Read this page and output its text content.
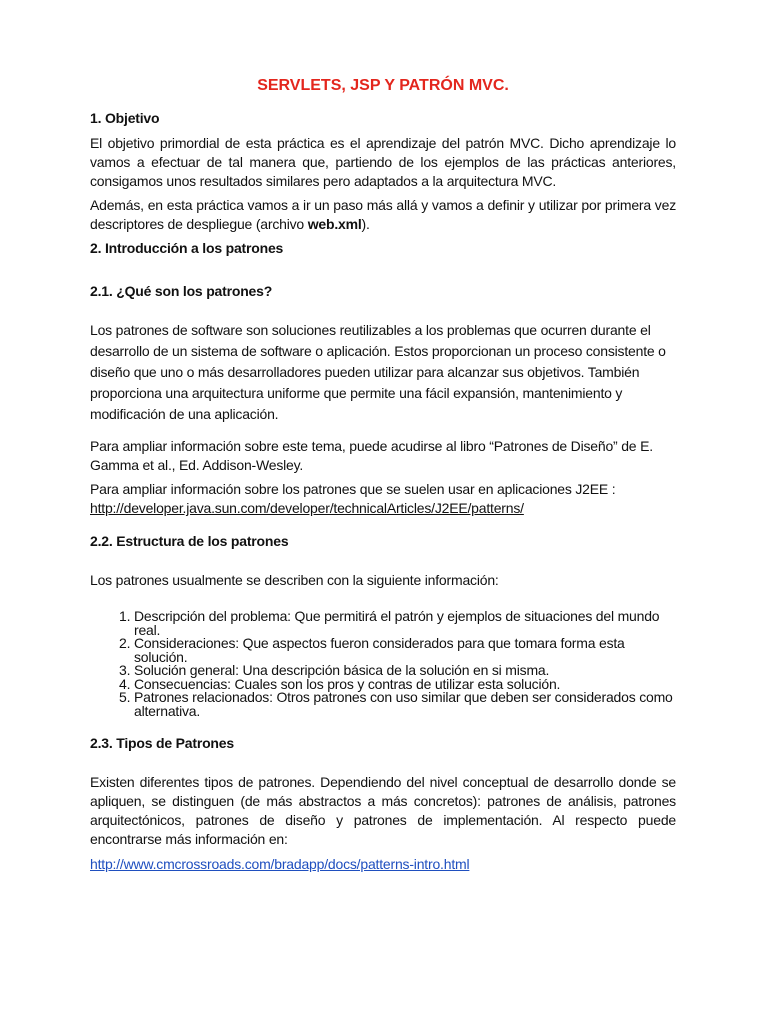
SERVLETS, JSP Y PATRÓN MVC.
1. Objetivo

El objetivo primordial de esta práctica es el aprendizaje del patrón MVC. Dicho aprendizaje lo vamos a efectuar de tal manera que, partiendo de los ejemplos de las prácticas anteriores, consigamos unos resultados similares pero adaptados a la arquitectura MVC.

Además, en esta práctica vamos a ir un paso más allá y vamos a definir y utilizar por primera vez descriptores de despliegue (archivo web.xml).

2. Introducción a los patrones
2.1. ¿Qué son los patrones?

Los patrones de software son soluciones reutilizables a los problemas que ocurren durante el desarrollo de un sistema de software o aplicación. Estos proporcionan un proceso consistente o diseño que uno o más desarrolladores pueden utilizar para alcanzar sus objetivos. También proporciona una arquitectura uniforme que permite una fácil expansión, mantenimiento y modificación de una aplicación.

Para ampliar información sobre este tema, puede acudirse al libro “Patrones de Diseño” de E. Gamma et al., Ed. Addison-Wesley.

Para ampliar información sobre los patrones que se suelen usar en aplicaciones J2EE :

http://developer.java.sun.com/developer/technicalArticles/J2EE/patterns/

2.2. Estructura de los patrones

Los patrones usualmente se describen con la siguiente información:

1. Descripción del problema: Que permitirá el patrón y ejemplos de situaciones del mundo real.
2. Consideraciones: Que aspectos fueron considerados para que tomara forma esta solución.
3. Solución general: Una descripción básica de la solución en si misma.
4. Consecuencias: Cuales son los pros y contras de utilizar esta solución.
5. Patrones relacionados: Otros patrones con uso similar que deben ser considerados como alternativa.
2.3. Tipos de Patrones

Existen diferentes tipos de patrones. Dependiendo del nivel conceptual de desarrollo donde se apliquen, se distinguen (de más abstractos a más concretos): patrones de análisis, patrones arquitectónicos, patrones de diseño y patrones de implementación. Al respecto puede encontrarse más información en:

http://www.cmcrossroads.com/bradapp/docs/patterns-intro.html
